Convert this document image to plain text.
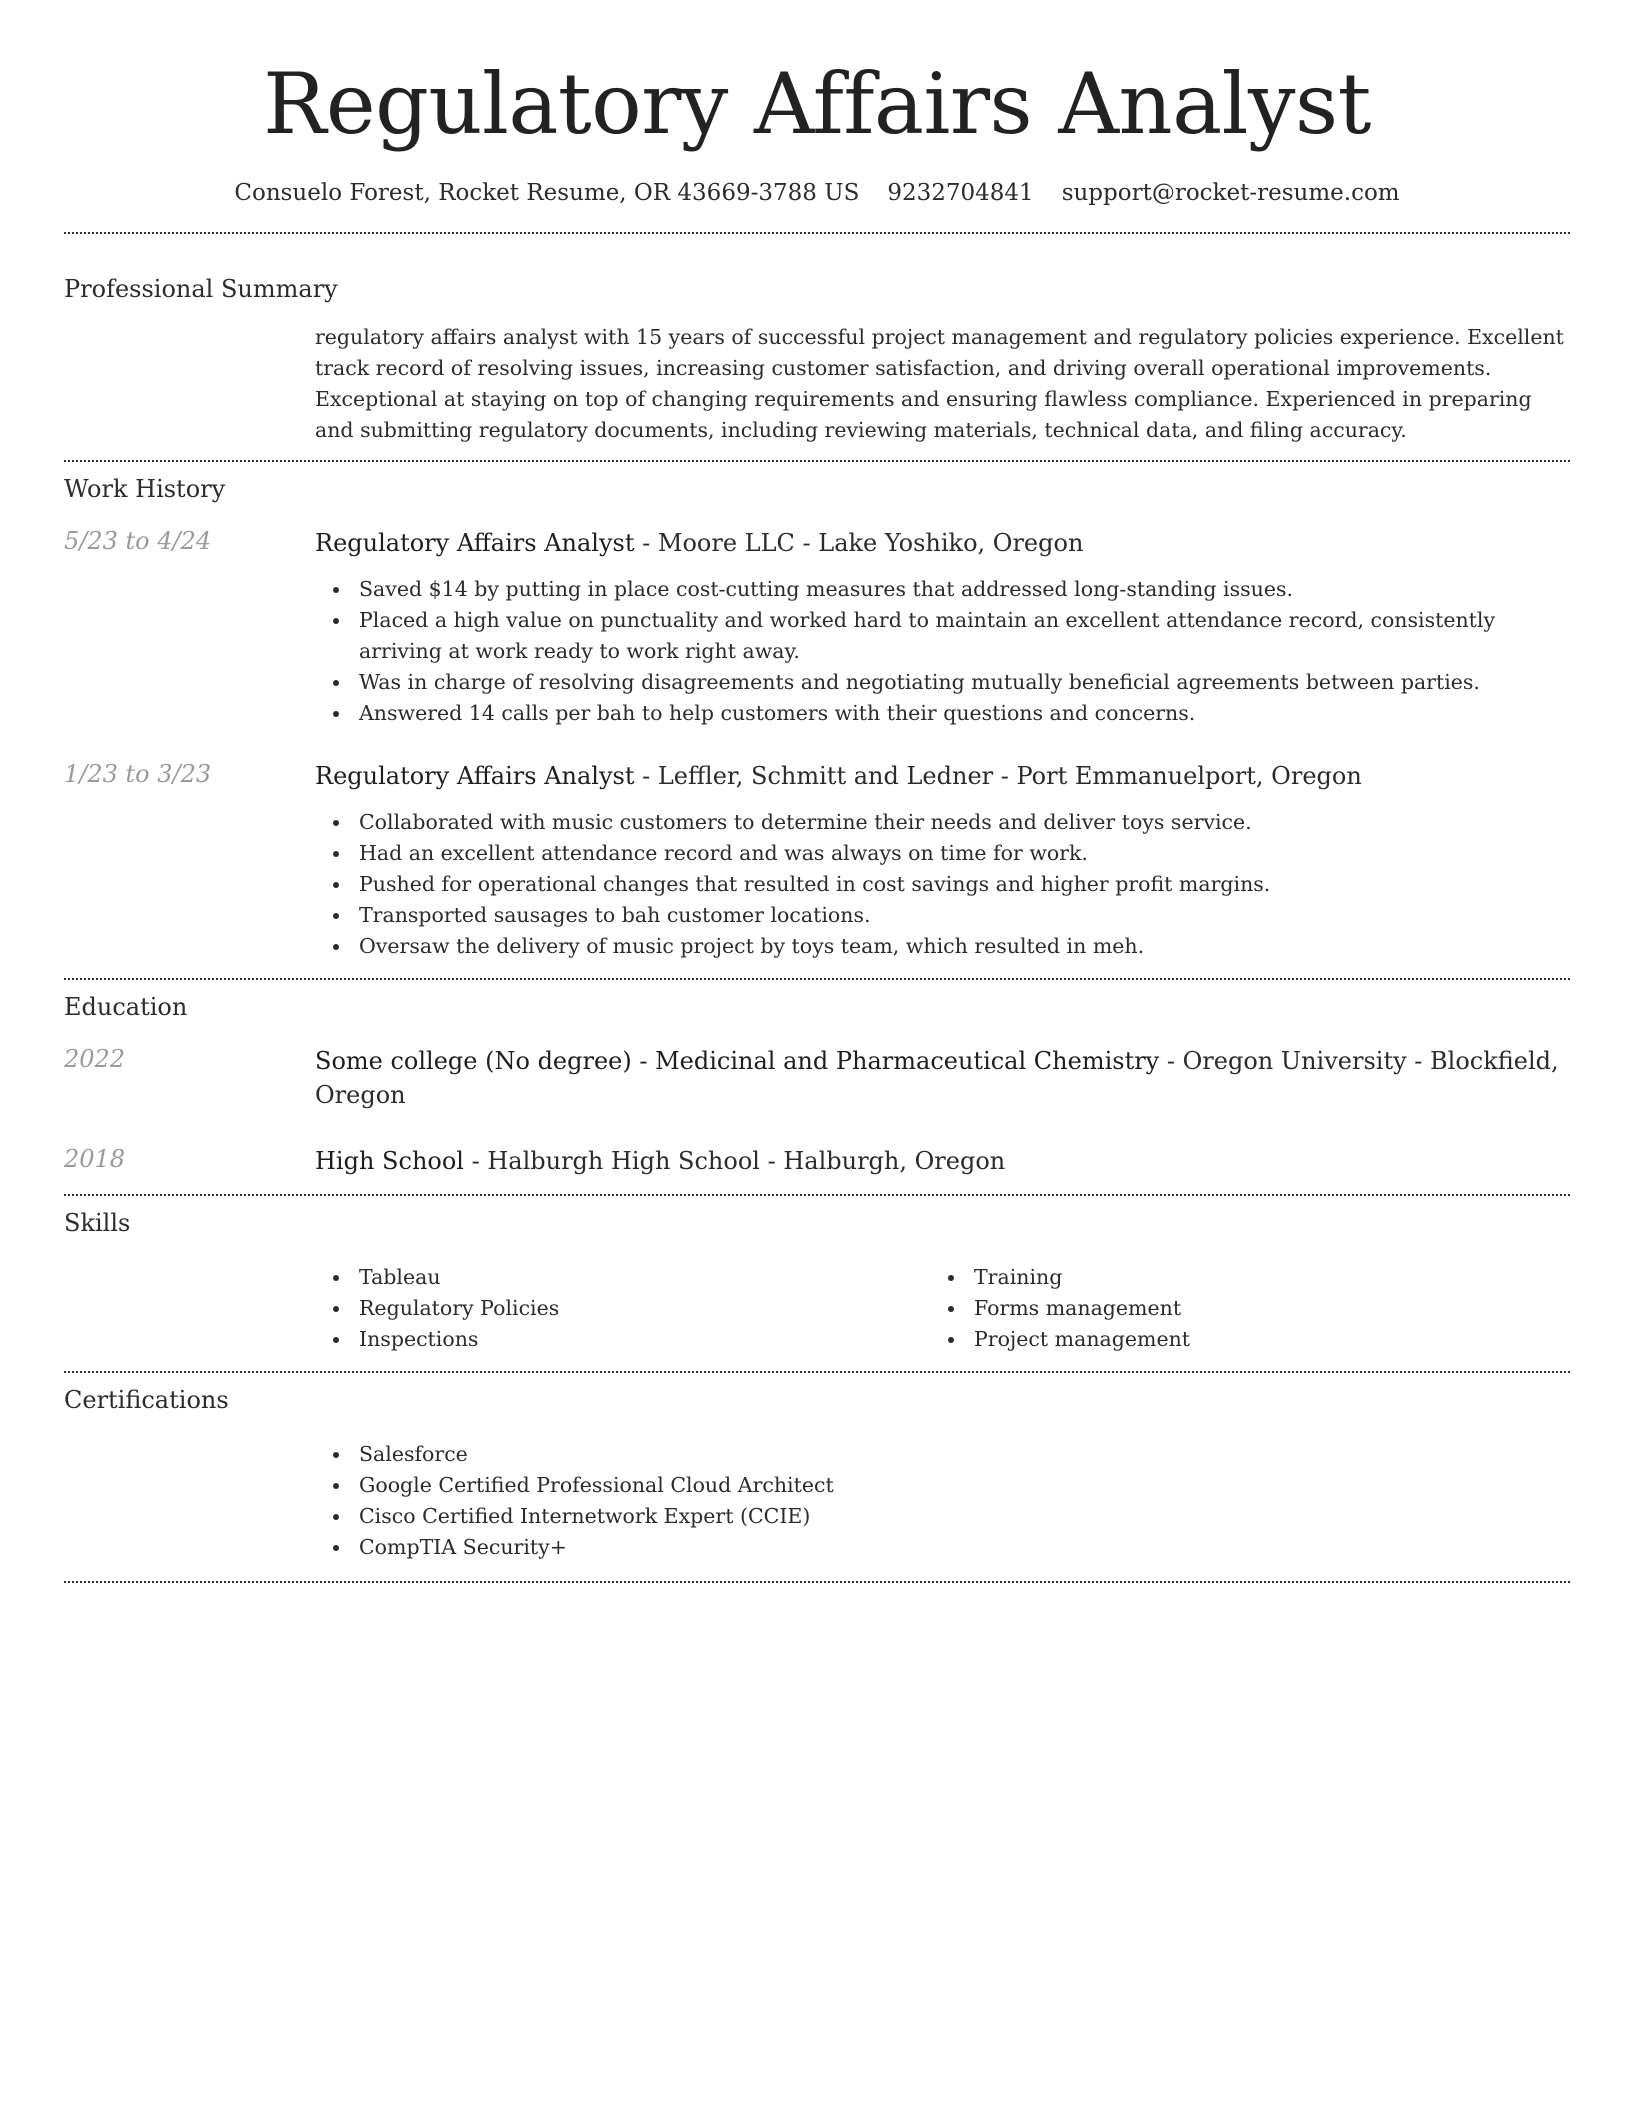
Regulatory Affairs Analyst
Consuelo Forest, Rocket Resume, OR 43669-3788 US 9232704841 support@rocket-resume.com
Professional Summary

regulatory affairs analyst with 15 years of successful project management and regulatory policies experience. Excellent track record of resolving issues, increasing customer satisfaction, and driving overall operational improvements. Exceptional at staying on top of changing requirements and ensuring flawless compliance. Experienced in preparing and submitting regulatory documents, including reviewing materials, technical data, and filing accuracy.

Work History
5/23 to 4/24	Regulatory Affairs Analyst - Moore LLC - Lake Yoshiko, Oregon
Saved $14 by putting in place cost-cutting measures that addressed long-standing issues.
Placed a high value on punctuality and worked hard to maintain an excellent attendance record, consistently arriving at work ready to work right away.
Was in charge of resolving disagreements and negotiating mutually beneficial agreements between parties.
Answered 14 calls per bah to help customers with their questions and concerns.
1/23 to 3/23	Regulatory Affairs Analyst - Leffler, Schmitt and Ledner - Port Emmanuelport, Oregon
Collaborated with music customers to determine their needs and deliver toys service.
Had an excellent attendance record and was always on time for work.
Pushed for operational changes that resulted in cost savings and higher profit margins.
Transported sausages to bah customer locations.
Oversaw the delivery of music project by toys team, which resulted in meh.
Education
2022	Some college (No degree) - Medicinal and Pharmaceutical Chemistry - Oregon University - Blockfield, Oregon
2018	High School - Halburgh High School - Halburgh, Oregon
Skills
Tableau
Regulatory Policies
Inspections
Training
Forms management
Project management
Certifications
Salesforce
Google Certified Professional Cloud Architect
Cisco Certified Internetwork Expert (CCIE)
CompTIA Security+
